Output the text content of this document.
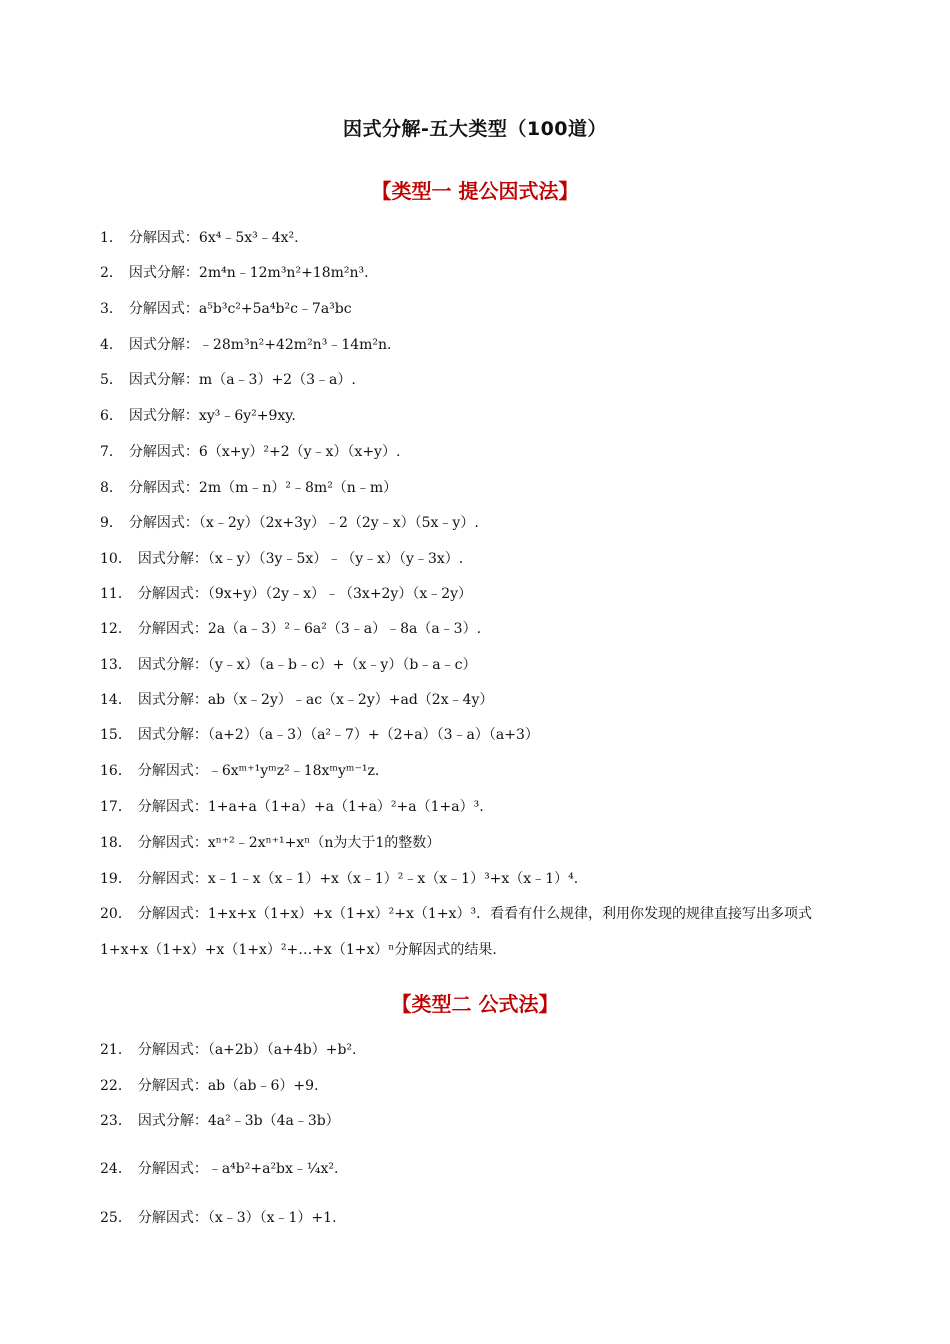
因式分解-五大类型（100道）
【类型一 提公因式法】
1． 分解因式：6x⁴﹣5x³﹣4x².
2． 因式分解：2m⁴n﹣12m³n²+18m²n³.
3． 分解因式：a⁵b³c²+5a⁴b²c﹣7a³bc
4． 因式分解：﹣28m³n²+42m²n³﹣14m²n.
5． 因式分解：m（a﹣3）+2（3﹣a）.
6． 因式分解：xy³﹣6y²+9xy.
7． 分解因式：6（x+y）²+2（y﹣x）（x+y）.
8． 分解因式：2m（m﹣n）²﹣8m²（n﹣m）
9． 分解因式：（x﹣2y）（2x+3y）﹣2（2y﹣x）（5x﹣y）.
10． 因式分解：（x﹣y）（3y﹣5x）﹣（y﹣x）（y﹣3x）.
11． 分解因式：（9x+y）（2y﹣x）﹣（3x+2y）（x﹣2y）
12． 分解因式：2a（a﹣3）²﹣6a²（3﹣a）﹣8a（a﹣3）.
13． 因式分解：（y﹣x）（a﹣b﹣c）+（x﹣y）（b﹣a﹣c）
14． 因式分解：ab（x﹣2y）﹣ac（x﹣2y）+ad（2x﹣4y）
15． 因式分解：（a+2）（a﹣3）（a²﹣7）+（2+a）（3﹣a）（a+3）
16． 分解因式：﹣6xᵐ⁺¹yᵐz²﹣18xᵐyᵐ⁻¹z.
17． 分解因式：1+a+a（1+a）+a（1+a）²+a（1+a）³.
18． 分解因式：xⁿ⁺²﹣2xⁿ⁺¹+xⁿ（n为大于1的整数）
19． 分解因式：x﹣1﹣x（x﹣1）+x（x﹣1）²﹣x（x﹣1）³+x（x﹣1）⁴.
20． 分解因式：1+x+x（1+x）+x（1+x）²+x（1+x）³．看看有什么规律，利用你发现的规律直接写出多项式1+x+x（1+x）+x（1+x）²+…+x（1+x）ⁿ分解因式的结果.
【类型二 公式法】
21． 分解因式：（a+2b）（a+4b）+b².
22． 分解因式：ab（ab﹣6）+9.
23． 因式分解：4a²﹣3b（4a﹣3b）
24． 分解因式：﹣a⁴b²+a²bx﹣¹⁄₄x².
25． 分解因式：（x﹣3）（x﹣1）+1.
